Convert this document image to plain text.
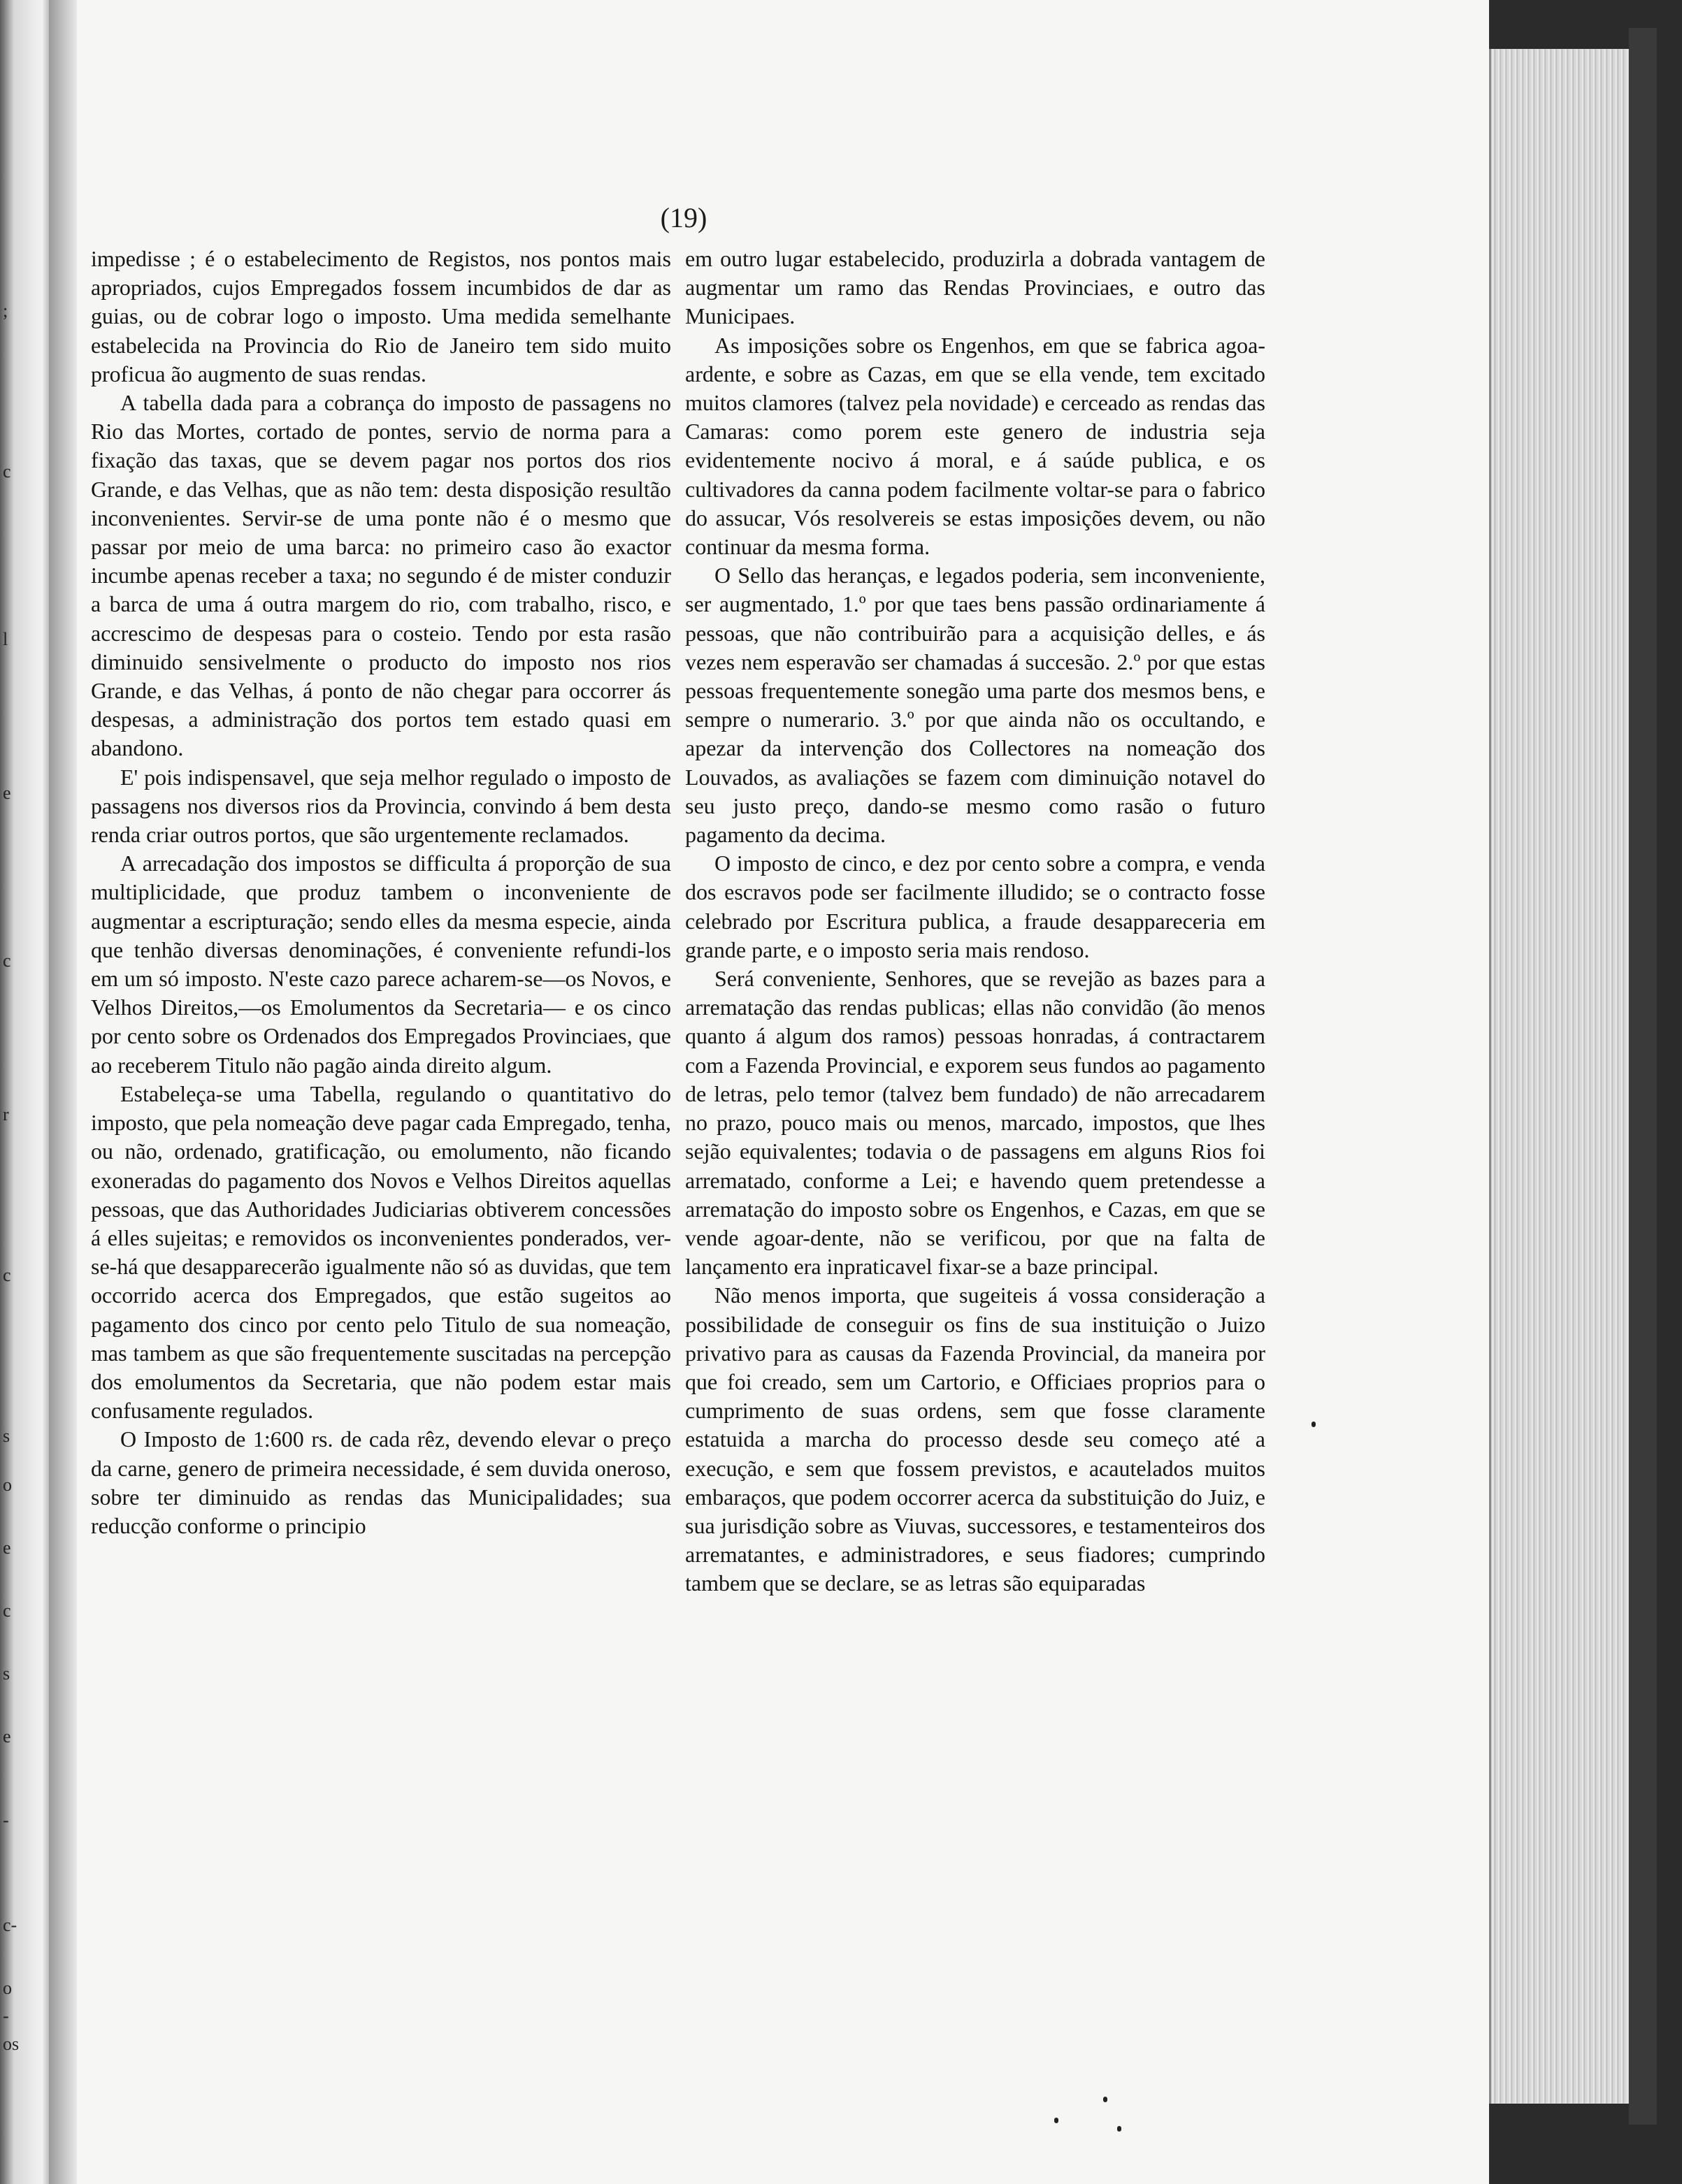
;
c
l
e
c
r
c
s
o
e
c
s
e
-
c-
o
-
os
(19)

impedisse ; é o estabelecimento de Registos, nos pontos mais apropriados, cujos Empregados fossem incumbidos de dar as guias, ou de cobrar logo o imposto. Uma medida semelhante estabelecida na Provincia do Rio de Janeiro tem sido muito proficua ão augmento de suas rendas.

A tabella dada para a cobrança do imposto de passagens no Rio das Mortes, cortado de pontes, servio de norma para a fixação das taxas, que se devem pagar nos portos dos rios Grande, e das Velhas, que as não tem: desta disposição resultão inconvenientes. Servir-se de uma ponte não é o mesmo que passar por meio de uma barca: no primeiro caso ão exactor incumbe apenas receber a taxa; no segundo é de mister conduzir a barca de uma á outra margem do rio, com trabalho, risco, e accrescimo de despesas para o costeio. Tendo por esta rasão diminuido sensivelmente o producto do imposto nos rios Grande, e das Velhas, á ponto de não chegar para occorrer ás despesas, a administração dos portos tem estado quasi em abandono.

E' pois indispensavel, que seja melhor regulado o imposto de passagens nos diversos rios da Provincia, convindo á bem desta renda criar outros portos, que são urgentemente reclamados.

A arrecadação dos impostos se difficulta á proporção de sua multiplicidade, que produz tambem o inconveniente de augmentar a escripturação; sendo elles da mesma especie, ainda que tenhão diversas denominações, é conveniente refundi-los em um só imposto. N'este cazo parece acharem-se—os Novos, e Velhos Direitos,—os Emolumentos da Secretaria— e os cinco por cento sobre os Ordenados dos Empregados Provinciaes, que ao receberem Titulo não pagão ainda direito algum.

Estabeleça-se uma Tabella, regulando o quantitativo do imposto, que pela nomeação deve pagar cada Empregado, tenha, ou não, ordenado, gratificação, ou emolumento, não ficando exoneradas do pagamento dos Novos e Velhos Direitos aquellas pessoas, que das Authoridades Judiciarias obtiverem concessões á elles sujeitas; e removidos os inconvenientes ponderados, ver-se-há que desapparecerão igualmente não só as duvidas, que tem occorrido acerca dos Empregados, que estão sugeitos ao pagamento dos cinco por cento pelo Titulo de sua nomeação, mas tambem as que são frequentemente suscitadas na percepção dos emolumentos da Secretaria, que não podem estar mais confusamente regulados.

O Imposto de 1:600 rs. de cada rêz, devendo elevar o preço da carne, genero de primeira necessidade, é sem duvida oneroso, sobre ter diminuido as rendas das Municipalidades; sua reducção conforme o principio

em outro lugar estabelecido, produzirla a dobrada vantagem de augmentar um ramo das Rendas Provinciaes, e outro das Municipaes.

As imposições sobre os Engenhos, em que se fabrica agoa-ardente, e sobre as Cazas, em que se ella vende, tem excitado muitos clamores (talvez pela novidade) e cerceado as rendas das Camaras: como porem este genero de industria seja evidentemente nocivo á moral, e á saúde publica, e os cultivadores da canna podem facilmente voltar-se para o fabrico do assucar, Vós resolvereis se estas imposições devem, ou não continuar da mesma forma.

O Sello das heranças, e legados poderia, sem inconveniente, ser augmentado, 1.º por que taes bens passão ordinariamente á pessoas, que não contribuirão para a acquisição delles, e ás vezes nem esperavão ser chamadas á succesão. 2.º por que estas pessoas frequentemente sonegão uma parte dos mesmos bens, e sempre o numerario. 3.º por que ainda não os occultando, e apezar da intervenção dos Collectores na nomeação dos Louvados, as avaliações se fazem com diminuição notavel do seu justo preço, dando-se mesmo como rasão o futuro pagamento da decima.

O imposto de cinco, e dez por cento sobre a compra, e venda dos escravos pode ser facilmente illudido; se o contracto fosse celebrado por Escritura publica, a fraude desappareceria em grande parte, e o imposto seria mais rendoso.

Será conveniente, Senhores, que se revejão as bazes para a arrematação das rendas publicas; ellas não convidão (ão menos quanto á algum dos ramos) pessoas honradas, á contractarem com a Fazenda Provincial, e exporem seus fundos ao pagamento de letras, pelo temor (talvez bem fundado) de não arrecadarem no prazo, pouco mais ou menos, marcado, impostos, que lhes sejão equivalentes; todavia o de passagens em alguns Rios foi arrematado, conforme a Lei; e havendo quem pretendesse a arrematação do imposto sobre os Engenhos, e Cazas, em que se vende agoar-dente, não se verificou, por que na falta de lançamento era inpraticavel fixar-se a baze principal.

Não menos importa, que sugeiteis á vossa consideração a possibilidade de conseguir os fins de sua instituição o Juizo privativo para as causas da Fazenda Provincial, da maneira por que foi creado, sem um Cartorio, e Officiaes proprios para o cumprimento de suas ordens, sem que fosse claramente estatuida a marcha do processo desde seu começo até a execução, e sem que fossem previstos, e acautelados muitos embaraços, que podem occorrer acerca da substituição do Juiz, e sua jurisdição sobre as Viuvas, successores, e testamenteiros dos arrematantes, e administradores, e seus fiadores; cumprindo tambem que se declare, se as letras são equiparadas
